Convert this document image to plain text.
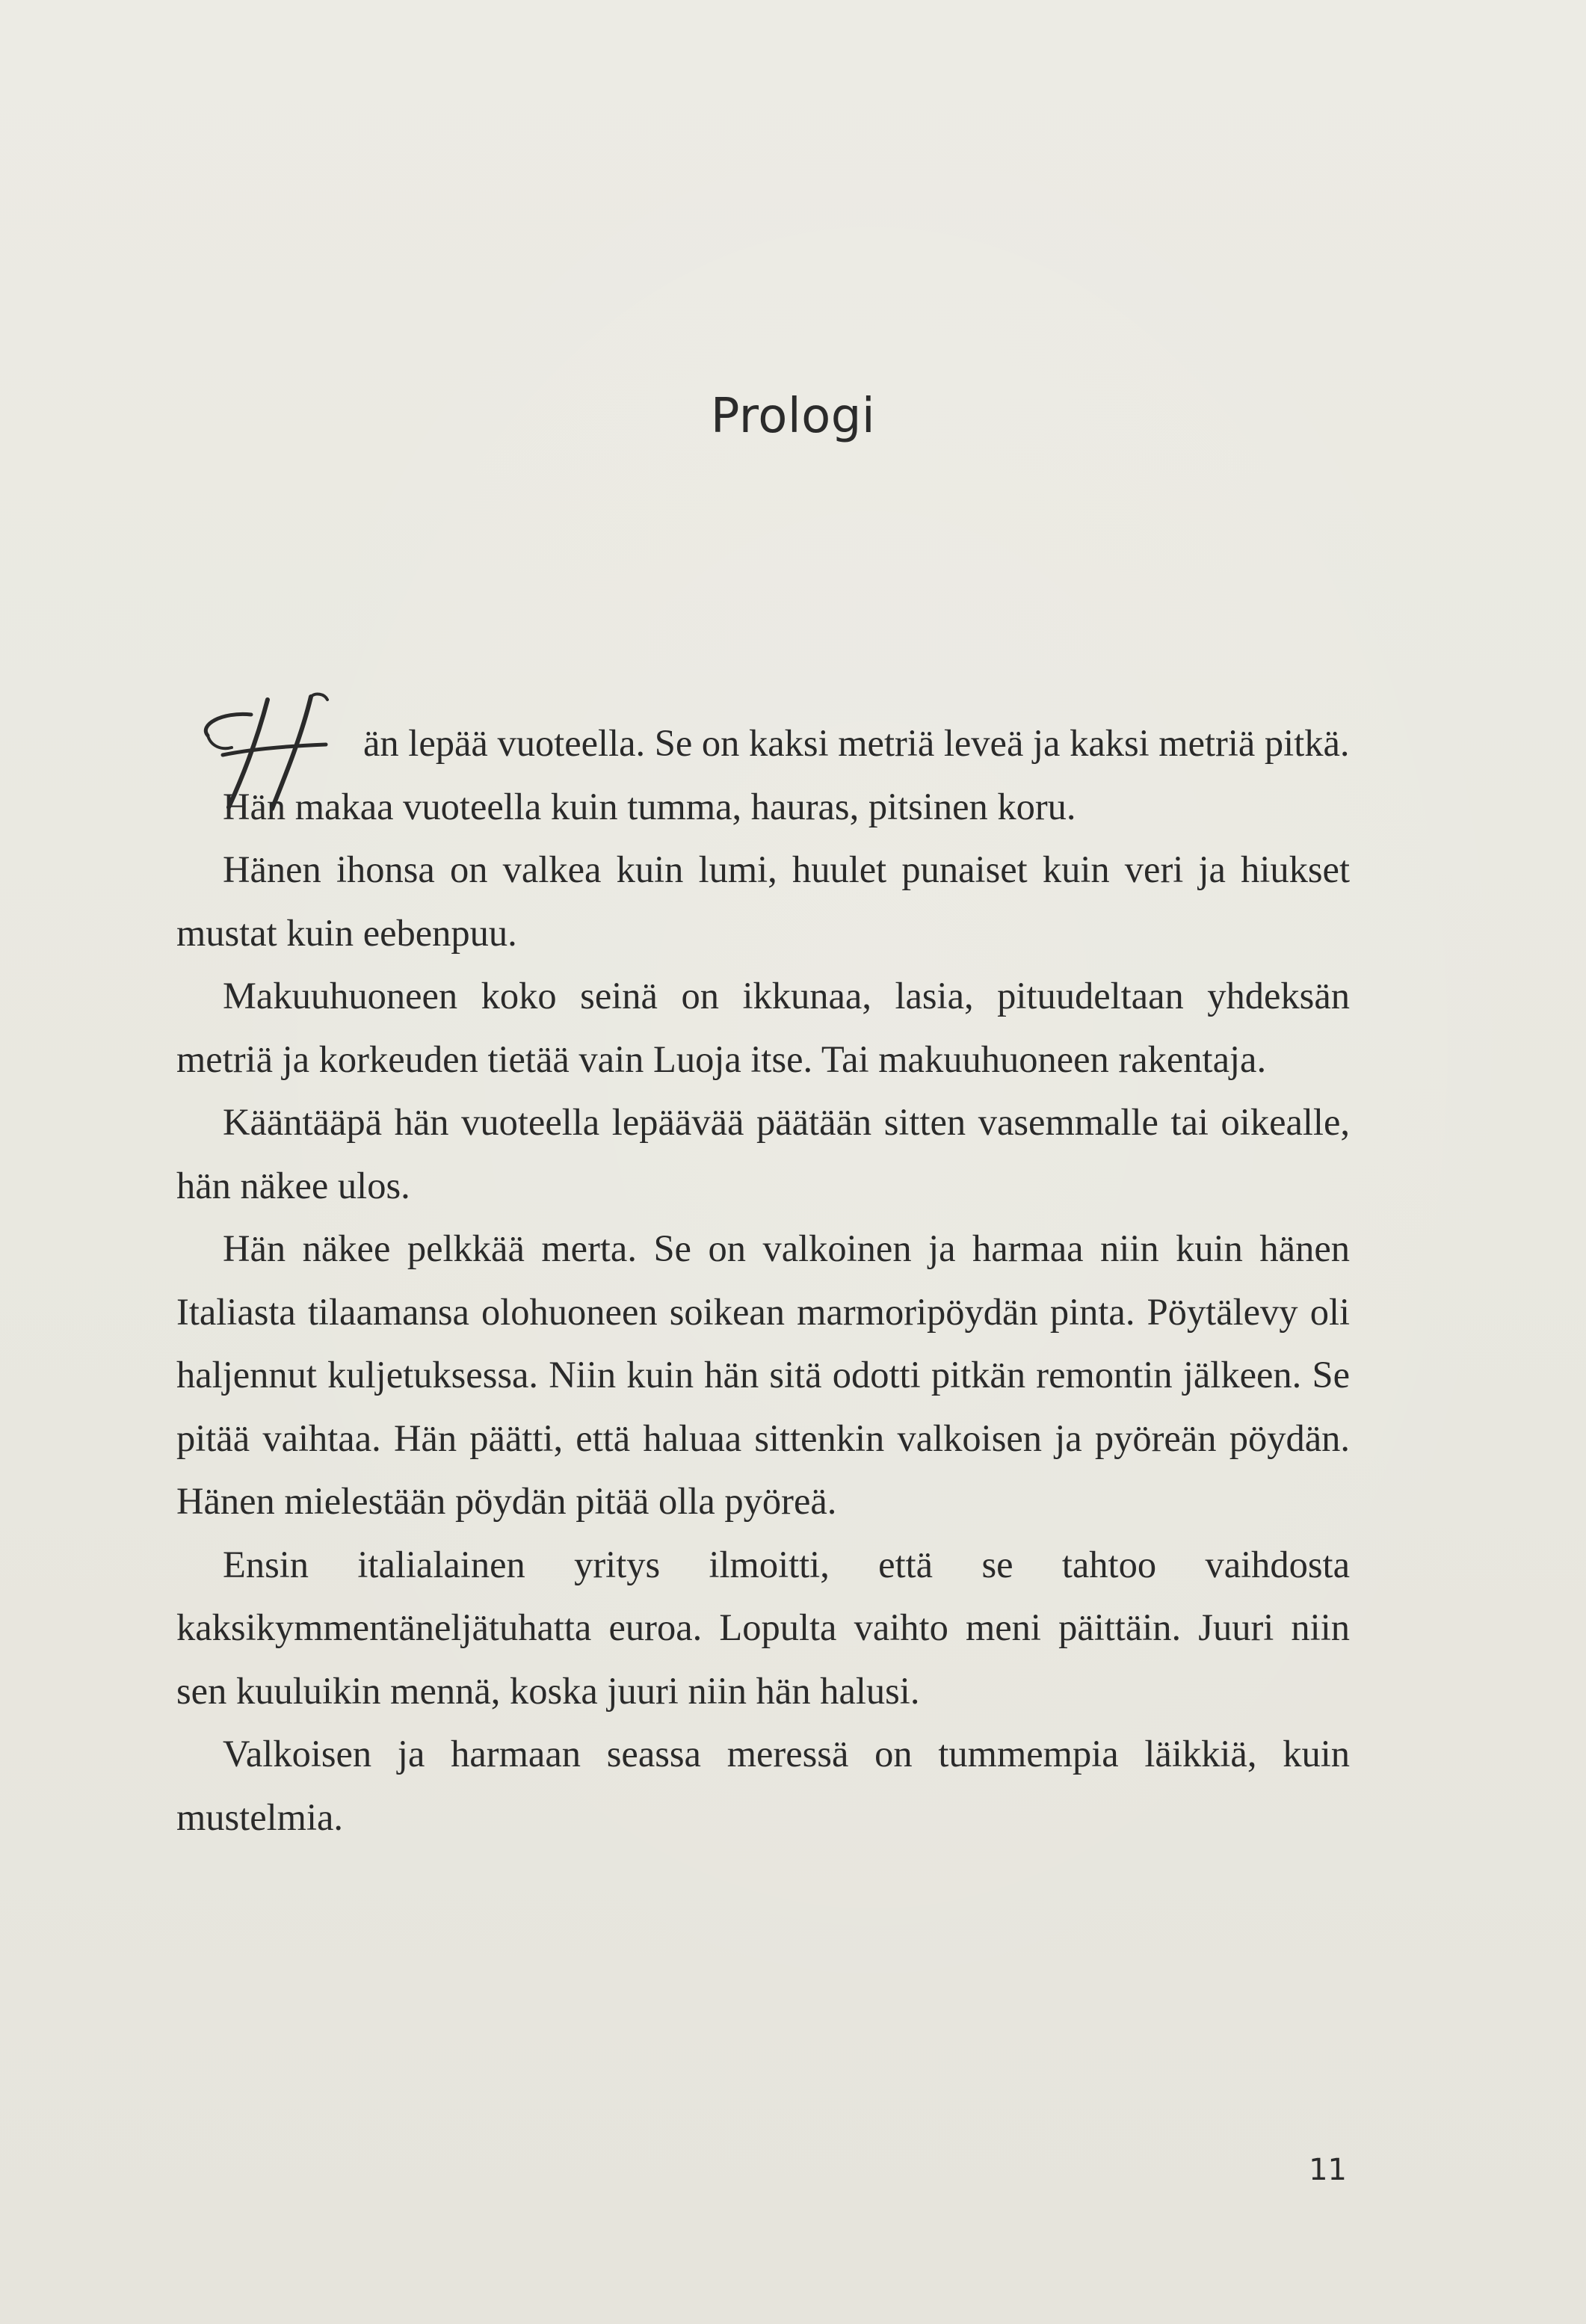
Prologi

än lepää vuoteella. Se on kaksi metriä leveä ja kaksi metriä pitkä.

Hän makaa vuoteella kuin tumma, hauras, pitsinen koru.

Hänen ihonsa on valkea kuin lumi, huulet punaiset kuin veri ja hiukset mustat kuin eebenpuu.

Makuuhuoneen koko seinä on ikkunaa, lasia, pituudeltaan yhdeksän metriä ja korkeuden tietää vain Luoja itse. Tai makuuhuoneen rakentaja.

Kääntääpä hän vuoteella lepäävää päätään sitten vasemmalle tai oikealle, hän näkee ulos.

Hän näkee pelkkää merta. Se on valkoinen ja harmaa niin kuin hänen Italiasta tilaamansa olohuoneen soikean marmoripöydän pinta. Pöytälevy oli haljennut kuljetuksessa. Niin kuin hän sitä odotti pitkän remontin jälkeen. Se pitää vaihtaa. Hän päätti, että haluaa sittenkin valkoisen ja pyöreän pöydän. Hänen mielestään pöydän pitää olla pyöreä.

Ensin italialainen yritys ilmoitti, että se tahtoo vaihdosta kaksikymmentäneljätuhatta euroa. Lopulta vaihto meni päittäin. Juuri niin sen kuuluikin mennä, koska juuri niin hän halusi.

Valkoisen ja harmaan seassa meressä on tummempia läikkiä, kuin mustelmia.

11
